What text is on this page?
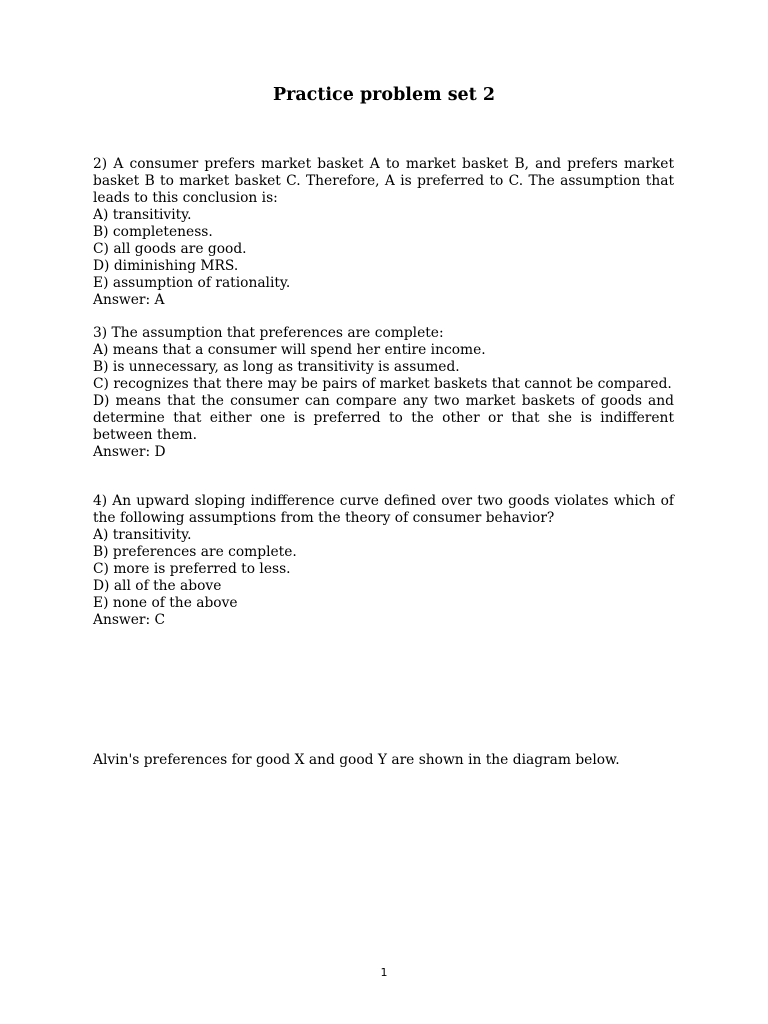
Practice problem set 2
2) A consumer prefers market basket A to market basket B, and prefers market basket B to market basket C. Therefore, A is preferred to C. The assumption that leads to this conclusion is:
A) transitivity.
B) completeness.
C) all goods are good.
D) diminishing MRS.
E) assumption of rationality.
Answer: A
3) The assumption that preferences are complete:
A) means that a consumer will spend her entire income.
B) is unnecessary, as long as transitivity is assumed.
C) recognizes that there may be pairs of market baskets that cannot be compared.
D) means that the consumer can compare any two market baskets of goods and determine that either one is preferred to the other or that she is indifferent between them.
Answer: D
4) An upward sloping indifference curve defined over two goods violates which of the following assumptions from the theory of consumer behavior?
A) transitivity.
B) preferences are complete.
C) more is preferred to less.
D) all of the above
E) none of the above
Answer: C
Alvin's preferences for good X and good Y are shown in the diagram below.
1
